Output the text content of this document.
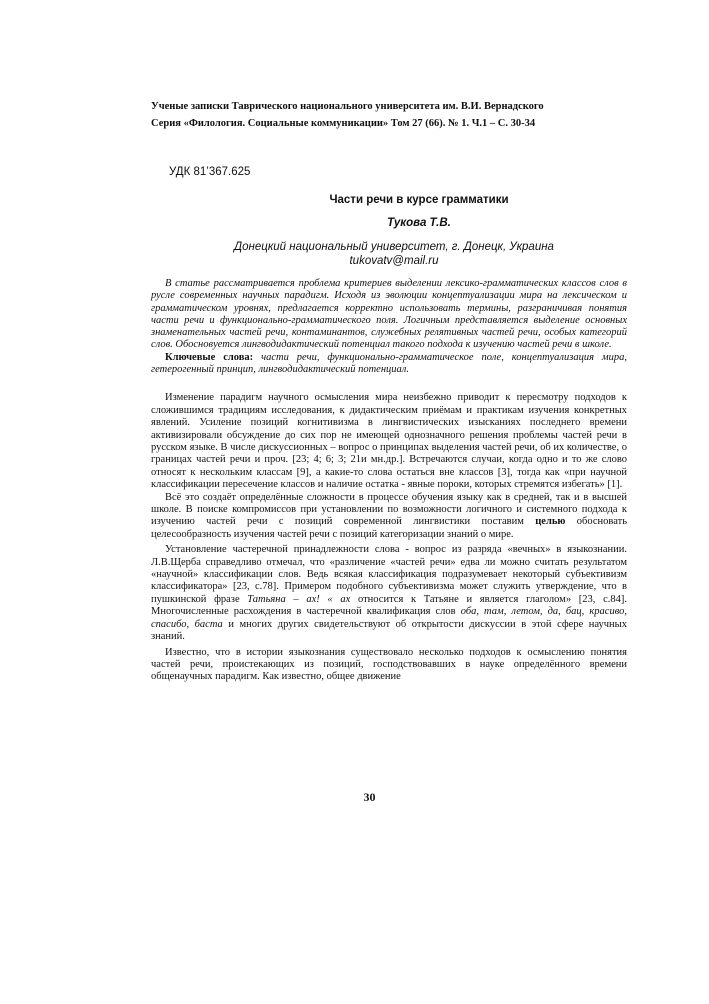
Ученые записки Таврического национального университета им. В.И. Вернадского
Серия «Филология. Социальные коммуникации» Том 27 (66). № 1. Ч.1 – С. 30-34
УДК 81’367.625
Части речи в курсе грамматики
Тукова Т.В.
Донецкий национальный университет, г. Донецк, Украина
tukovatv@mail.ru
В статье рассматривается проблема критериев выделении лексико-грамматических классов слов в русле современных научных парадигм. Исходя из эволюции концептуализации мира на лексическом и грамматическом уровнях, предлагается корректно использовать термины, разграничивая понятия части речи и функционально-грамматического поля. Логичным представляется выделение основных знаменательных частей речи, контаминантов, служебных релятивных частей речи, особых категорий слов. Обосновуется лингводидактический потенциал такого подхода к изучению частей речи в школе.
Ключевые слова: части речи, функционально-грамматическое поле, концептуализация мира, гетерогенный принцип, лингводидактический потенциал.

Изменение парадигм научного осмысления мира неизбежно приводит к пересмотру подходов к сложившимся традициям исследования, к дидактическим приёмам и практикам изучения конкретных явлений. Усиление позиций когнитивизма в лингвистических изысканиях последнего времени активизировали обсуждение до сих пор не имеющей однозначного решения проблемы частей речи в русском языке. В числе дискуссионных – вопрос о принципах выделения частей речи, об их количестве, о границах частей речи и проч. [23; 4; 6; 3; 21и мн.др.]. Встречаются случаи, когда одно и то же слово относят к нескольким классам [9], а какие-то слова остаться вне классов [3], тогда как «при научной классификации пересечение классов и наличие остатка - явные пороки, которых стремятся избегать» [1].

Всё это создаёт определённые сложности в процессе обучения языку как в средней, так и в высшей школе. В поиске компромиссов при установлении по возможности логичного и системного подхода к изучению частей речи с позиций современной лингвистики поставим целью обосновать целесообразность изучения частей речи с позиций категоризации знаний о мире.

Установление частеречной принадлежности слова - вопрос из разряда «вечных» в языкознании. Л.В.Щерба справедливо отмечал, что «различение «частей речи» едва ли можно считать результатом «научной» классификации слов. Ведь всякая классификация подразумевает некоторый субъективизм классификатора» [23, с.78]. Примером подобного субъективизма может служить утверждение, что в пушкинской фразе Татьяна – ах! « ах относится к Татьяне и является глаголом» [23, с.84]. Многочисленные расхождения в частеречной квалификация слов оба, там, летом, да, бац, красиво, спасибо, баста и многих других свидетельствуют об открытости дискуссии в этой сфере научных знаний.

Известно, что в истории языкознания существовало несколько подходов к осмыслению понятия частей речи, проистекающих из позиций, господствовавших в науке определённого времени общенаучных парадигм. Как известно, общее движение

30
